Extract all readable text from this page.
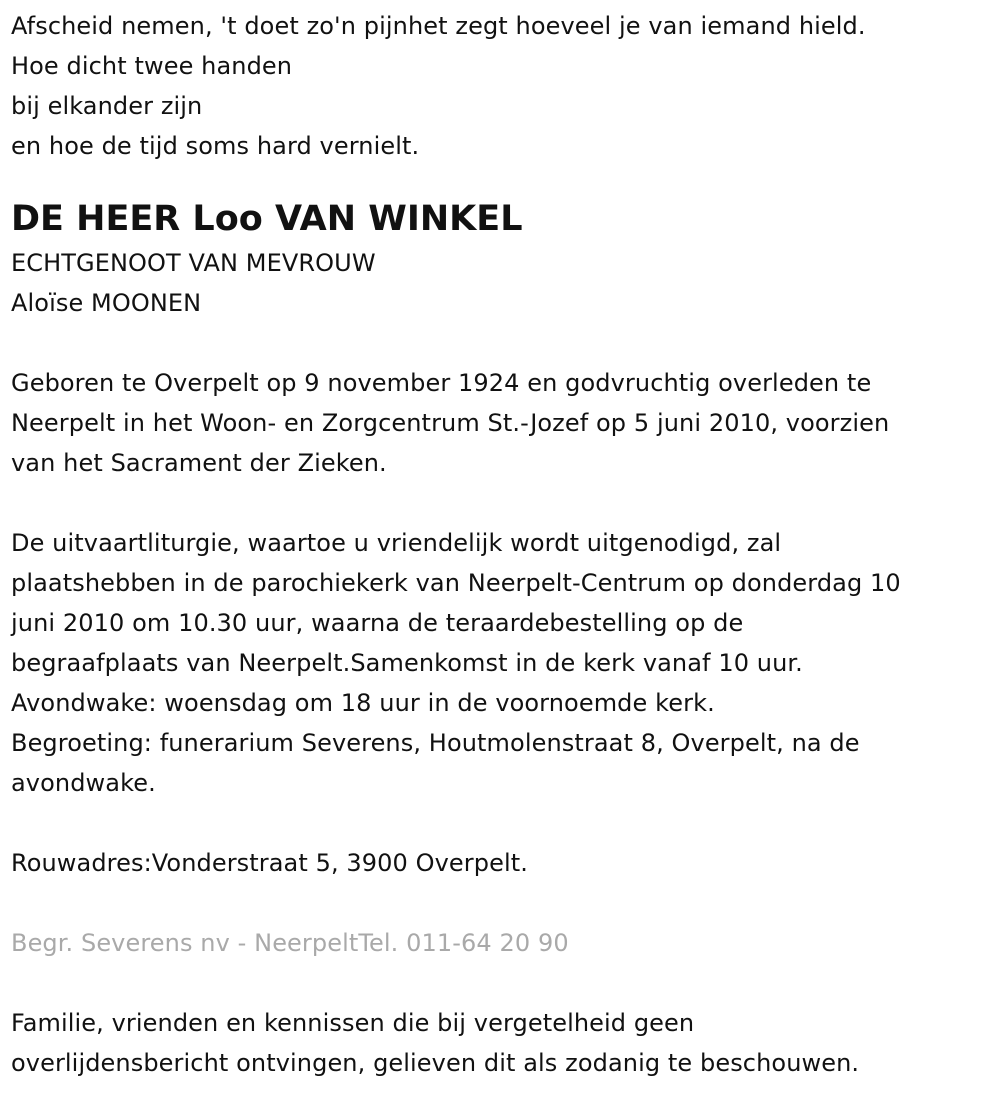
Afscheid nemen, 't doet zo'n pijnhet zegt hoeveel je van iemand hield.
Hoe dicht twee handen
bij elkander zijn
en hoe de tijd soms hard vernielt.
DE HEER Loo VAN WINKEL
ECHTGENOOT VAN MEVROUW
Aloïse MOONEN
Geboren te Overpelt op 9 november 1924 en godvruchtig overleden te
Neerpelt in het Woon- en Zorgcentrum St.-Jozef op 5 juni 2010, voorzien
van het Sacrament der Zieken.
De uitvaartliturgie, waartoe u vriendelijk wordt uitgenodigd, zal
plaatshebben in de parochiekerk van Neerpelt-Centrum op donderdag 10
juni 2010 om 10.30 uur, waarna de teraardebestelling op de
begraafplaats van Neerpelt.Samenkomst in de kerk vanaf 10 uur.
Avondwake: woensdag om 18 uur in de voornoemde kerk.
Begroeting: funerarium Severens, Houtmolenstraat 8, Overpelt, na de
avondwake.
Rouwadres:Vonderstraat 5, 3900 Overpelt.
Begr. Severens nv - NeerpeltTel. 011-64 20 90
Familie, vrienden en kennissen die bij vergetelheid geen
overlijdensbericht ontvingen, gelieven dit als zodanig te beschouwen.
